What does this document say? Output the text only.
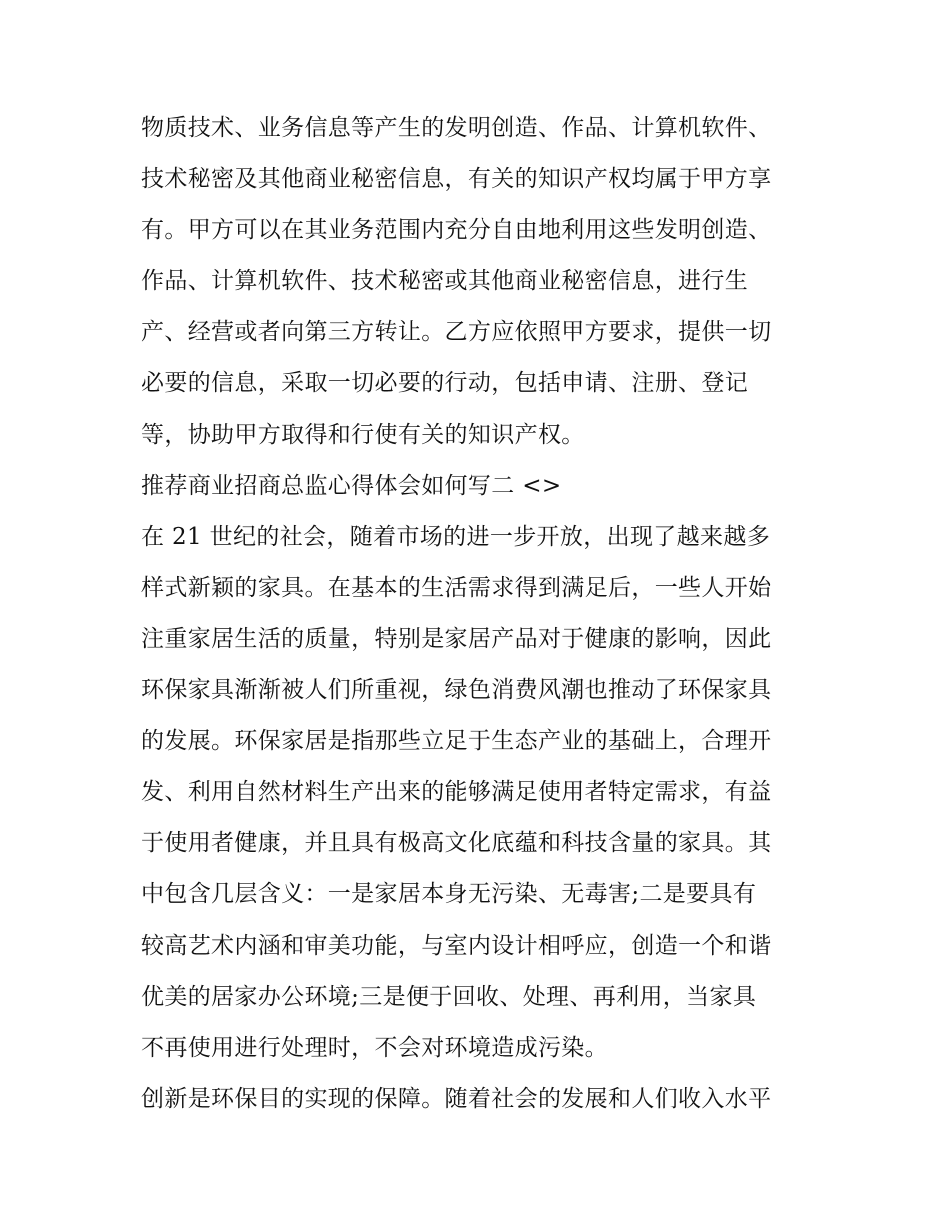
物质技术、业务信息等产生的发明创造、作品、计算机软件、
技术秘密及其他商业秘密信息，有关的知识产权均属于甲方享
有。甲方可以在其业务范围内充分自由地利用这些发明创造、
作品、计算机软件、技术秘密或其他商业秘密信息，进行生
产、经营或者向第三方转让。乙方应依照甲方要求，提供一切
必要的信息，采取一切必要的行动，包括申请、注册、登记
等，协助甲方取得和行使有关的知识产权。
推荐商业招商总监心得体会如何写二 <>
在 21 世纪的社会，随着市场的进一步开放，出现了越来越多
样式新颖的家具。在基本的生活需求得到满足后，一些人开始
注重家居生活的质量，特别是家居产品对于健康的影响，因此
环保家具渐渐被人们所重视，绿色消费风潮也推动了环保家具
的发展。环保家居是指那些立足于生态产业的基础上，合理开
发、利用自然材料生产出来的能够满足使用者特定需求，有益
于使用者健康，并且具有极高文化底蕴和科技含量的家具。其
中包含几层含义：一是家居本身无污染、无毒害;二是要具有
较高艺术内涵和审美功能，与室内设计相呼应，创造一个和谐
优美的居家办公环境;三是便于回收、处理、再利用，当家具
不再使用进行处理时，不会对环境造成污染。
创新是环保目的实现的保障。随着社会的发展和人们收入水平
